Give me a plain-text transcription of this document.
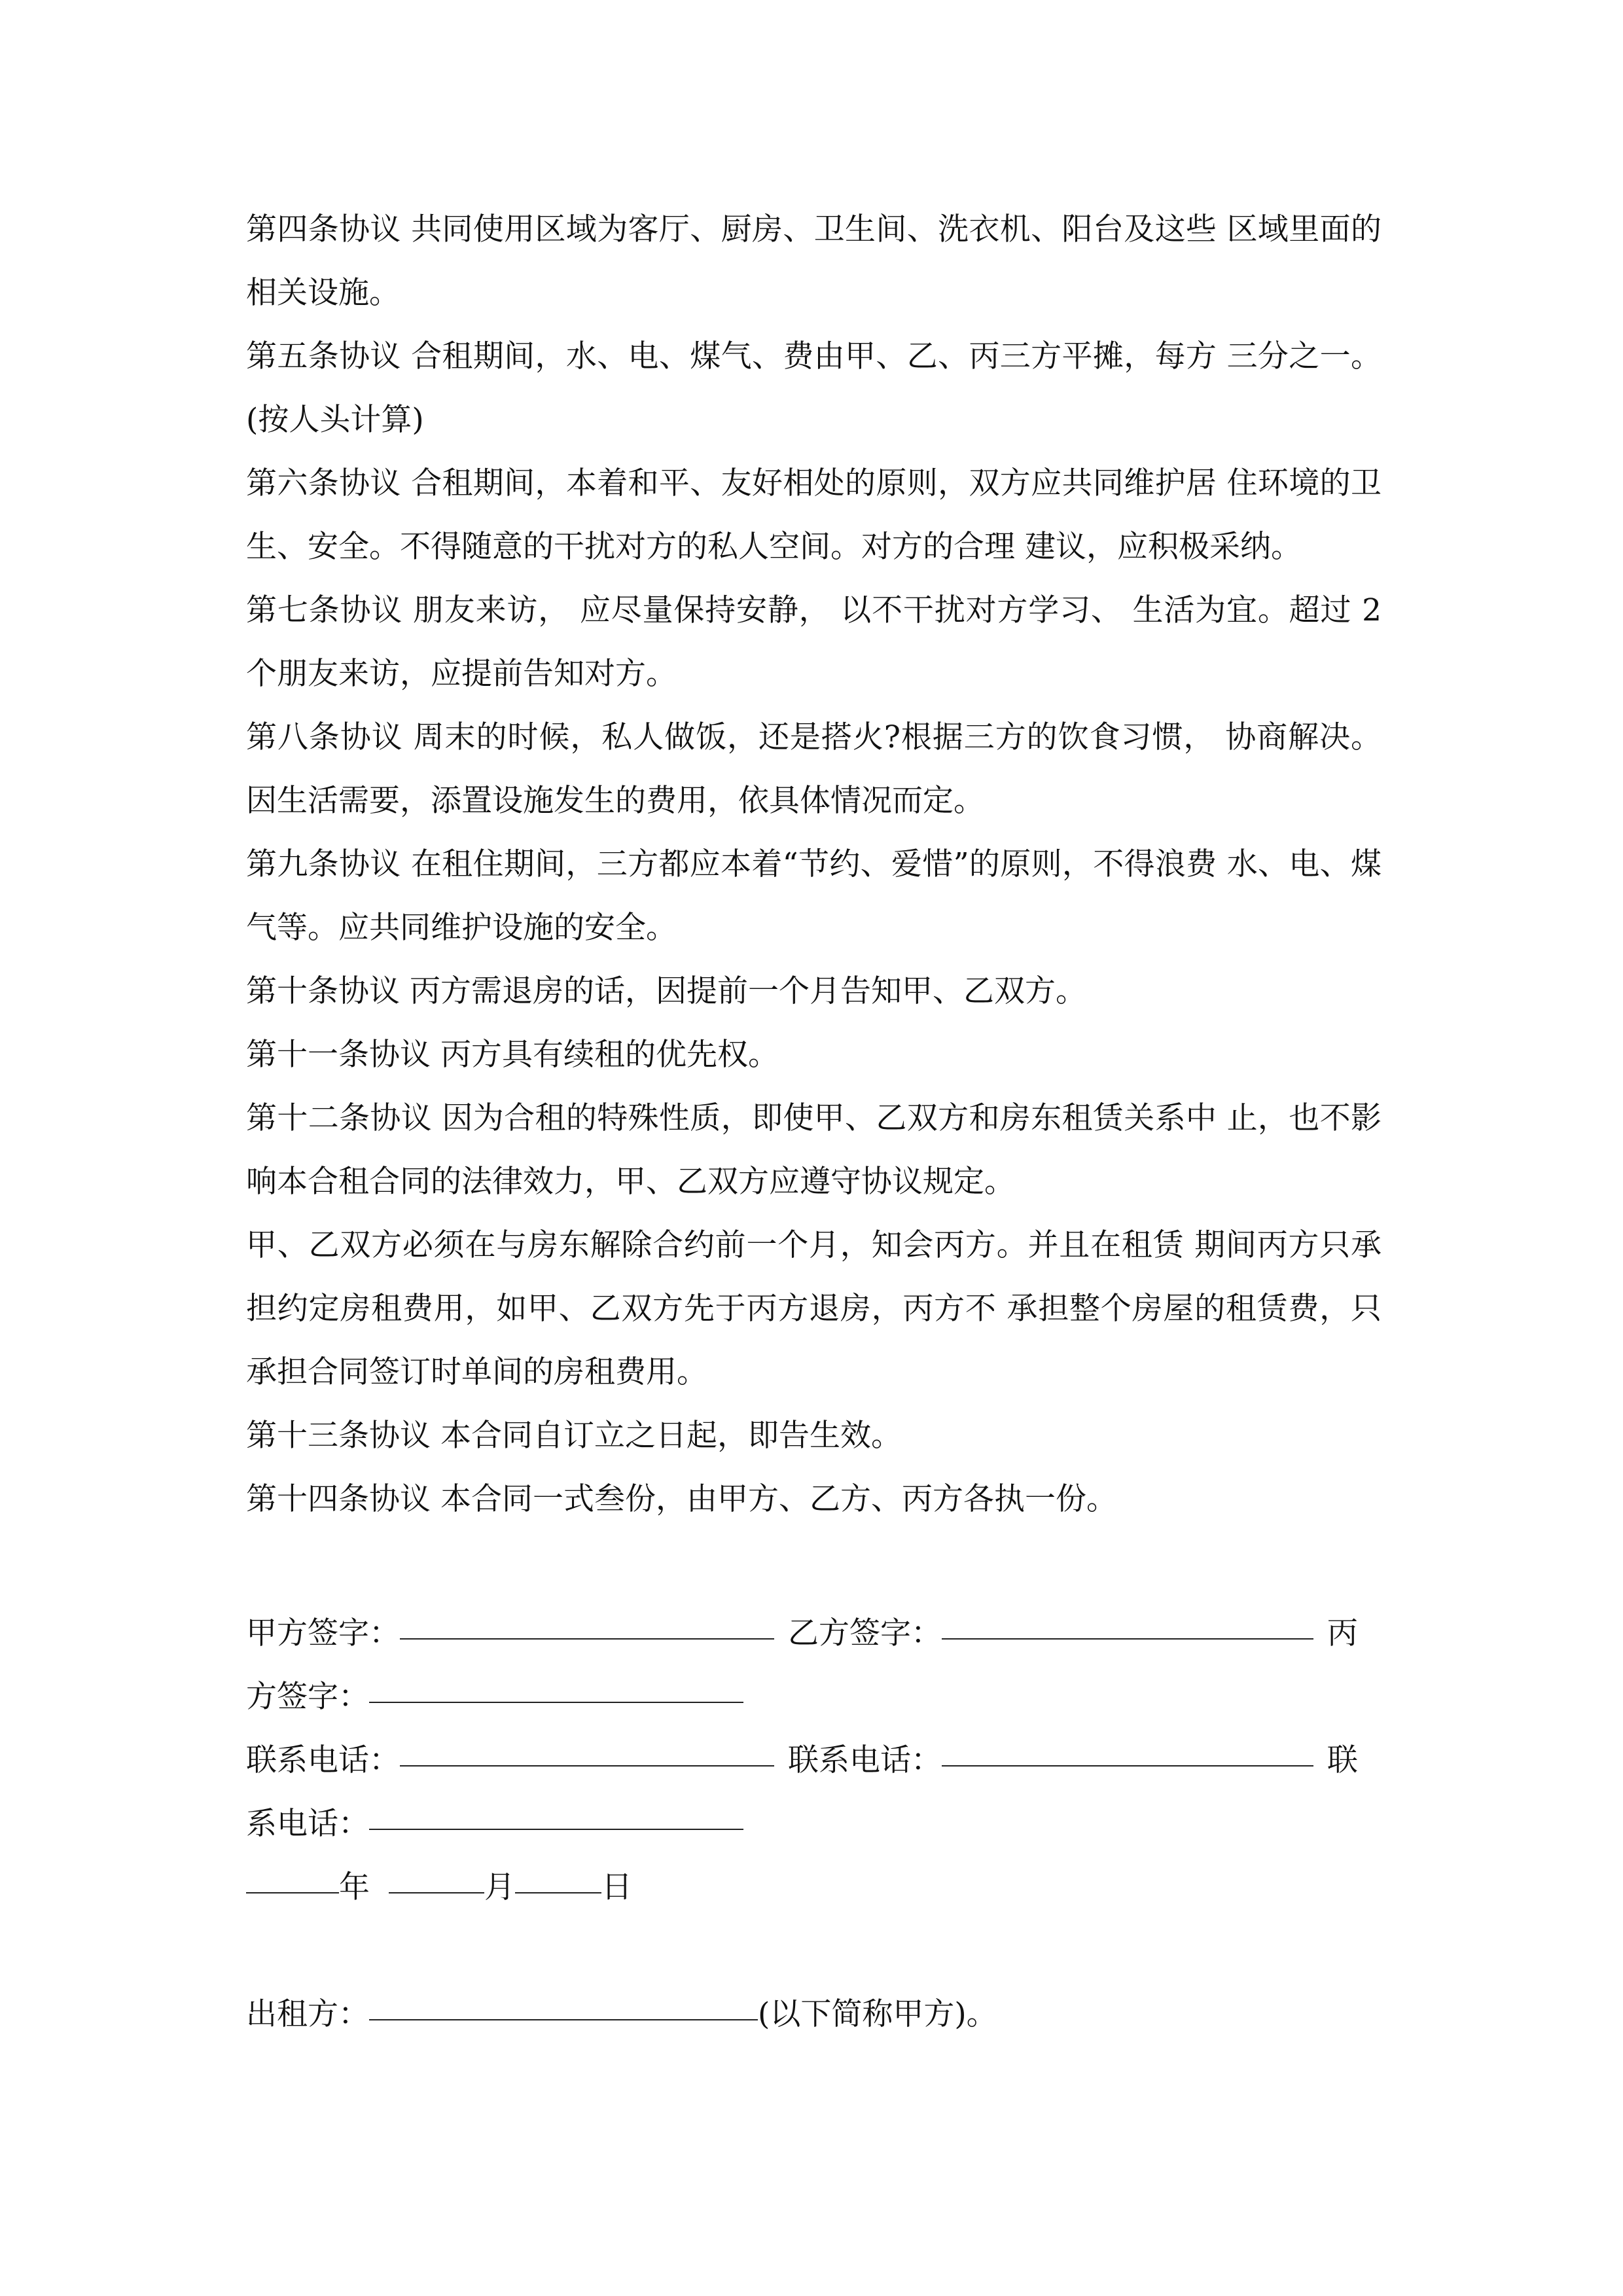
第四条协议 共同使用区域为客厅、厨房、卫生间、洗衣机、阳台及这些 区域里面的相关设施。

第五条协议 合租期间，水、电、煤气、费由甲、乙、丙三方平摊，每方 三分之一。(按人头计算)

第六条协议 合租期间，本着和平、友好相处的原则，双方应共同维护居 住环境的卫生、安全。不得随意的干扰对方的私人空间。对方的合理 建议，应积极采纳。

第七条协议 朋友来访， 应尽量保持安静， 以不干扰对方学习、 生活为宜。超过 2 个朋友来访，应提前告知对方。

第八条协议 周末的时候，私人做饭，还是搭火?根据三方的饮食习惯， 协商解决。因生活需要，添置设施发生的费用，依具体情况而定。

第九条协议 在租住期间，三方都应本着“节约、爱惜”的原则，不得浪费 水、电、煤气等。应共同维护设施的安全。

第十条协议 丙方需退房的话，因提前一个月告知甲、乙双方。

第十一条协议 丙方具有续租的优先权。

第十二条协议 因为合租的特殊性质，即使甲、乙双方和房东租赁关系中 止，也不影响本合租合同的法律效力，甲、乙双方应遵守协议规定。

甲、乙双方必须在与房东解除合约前一个月，知会丙方。并且在租赁 期间丙方只承担约定房租费用，如甲、乙双方先于丙方退房，丙方不 承担整个房屋的租赁费，只承担合同签订时单间的房租费用。

第十三条协议 本合同自订立之日起，即告生效。

第十四条协议 本合同一式叁份，由甲方、乙方、丙方各执一份。

甲方签字：	乙方签字：	丙
方签字：
联系电话：	联系电话：	联
系电话：
年	月	日
出租方：	(以下简称甲方)。
